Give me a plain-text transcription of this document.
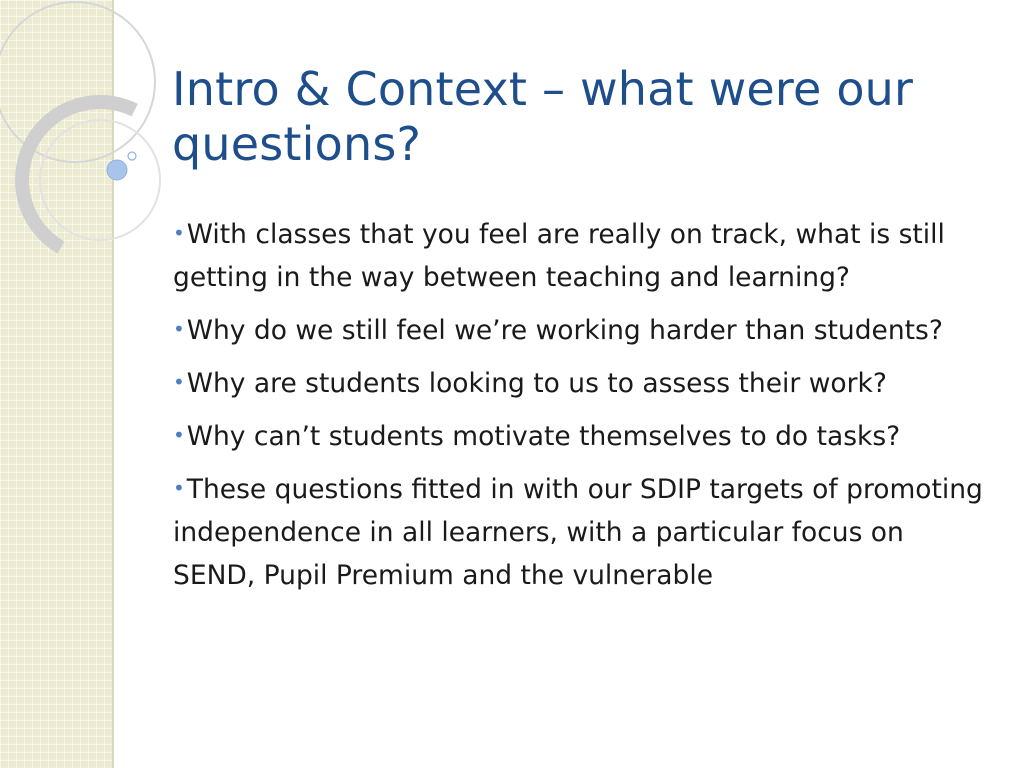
Intro & Context – what were our questions?
•With classes that you feel are really on track, what is still getting in the way between teaching and learning?
•Why do we still feel we’re working harder than students?
•Why are students looking to us to assess their work?
•Why can’t students motivate themselves to do tasks?
•These questions fitted in with our SDIP targets of promoting independence in all learners, with a particular focus on SEND, Pupil Premium and the vulnerable
